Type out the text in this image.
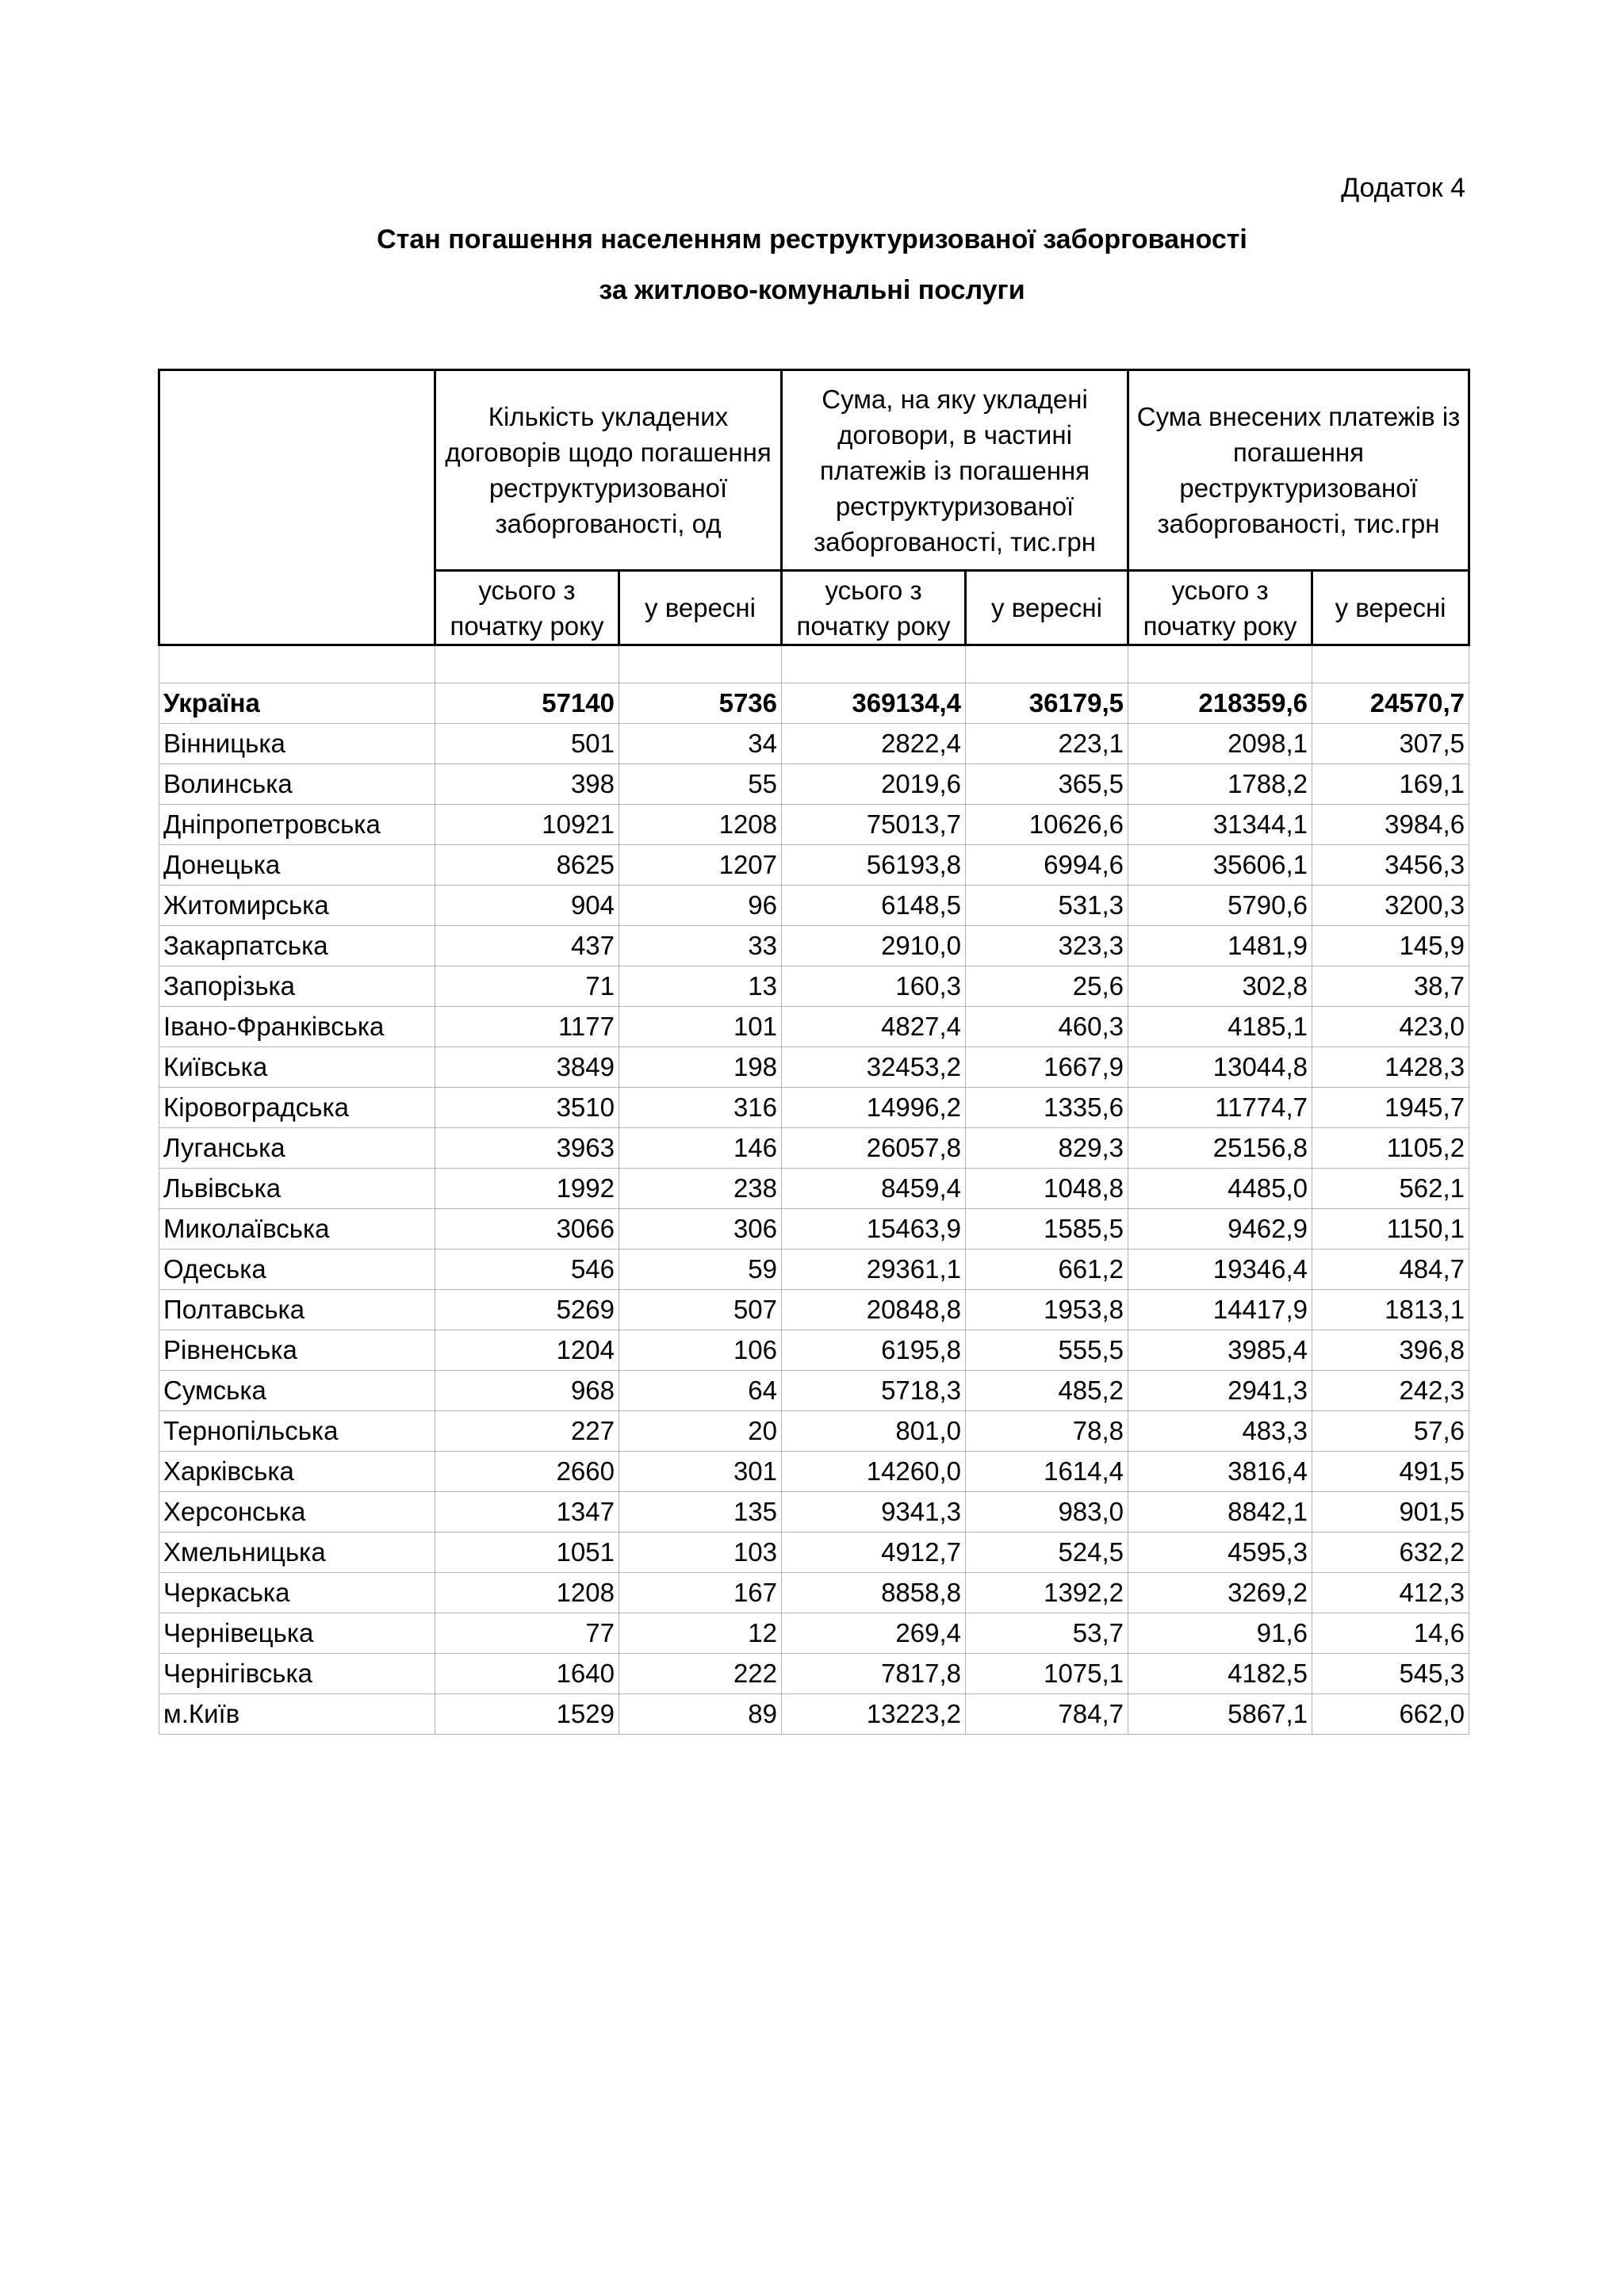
Додаток 4
Стан погашення населенням реструктуризованої заборгованості
за житлово-комунальні послуги
	Кількість укладених договорів щодо погашення реструктуризованої заборгованості, од		Сума, на яку укладені договори, в частині платежів із погашення реструктуризованої заборгованості, тис.грн		Сума внесених платежів із погашення реструктуризованої заборгованості, тис.грн	
	усього з початку року	у вересні	усього з початку року	у вересні	усього з початку року	у вересні

Україна	57140	5736	369134,4	36179,5	218359,6	24570,7
Вінницька	501	34	2822,4	223,1	2098,1	307,5
Волинська	398	55	2019,6	365,5	1788,2	169,1
Дніпропетровська	10921	1208	75013,7	10626,6	31344,1	3984,6
Донецька	8625	1207	56193,8	6994,6	35606,1	3456,3
Житомирська	904	96	6148,5	531,3	5790,6	3200,3
Закарпатська	437	33	2910,0	323,3	1481,9	145,9
Запорізька	71	13	160,3	25,6	302,8	38,7
Івано-Франківська	1177	101	4827,4	460,3	4185,1	423,0
Київська	3849	198	32453,2	1667,9	13044,8	1428,3
Кіровоградська	3510	316	14996,2	1335,6	11774,7	1945,7
Луганська	3963	146	26057,8	829,3	25156,8	1105,2
Львівська	1992	238	8459,4	1048,8	4485,0	562,1
Миколаївська	3066	306	15463,9	1585,5	9462,9	1150,1
Одеська	546	59	29361,1	661,2	19346,4	484,7
Полтавська	5269	507	20848,8	1953,8	14417,9	1813,1
Рівненська	1204	106	6195,8	555,5	3985,4	396,8
Сумська	968	64	5718,3	485,2	2941,3	242,3
Тернопільська	227	20	801,0	78,8	483,3	57,6
Харківська	2660	301	14260,0	1614,4	3816,4	491,5
Херсонська	1347	135	9341,3	983,0	8842,1	901,5
Хмельницька	1051	103	4912,7	524,5	4595,3	632,2
Черкаська	1208	167	8858,8	1392,2	3269,2	412,3
Чернівецька	77	12	269,4	53,7	91,6	14,6
Чернігівська	1640	222	7817,8	1075,1	4182,5	545,3
м.Київ	1529	89	13223,2	784,7	5867,1	662,0
